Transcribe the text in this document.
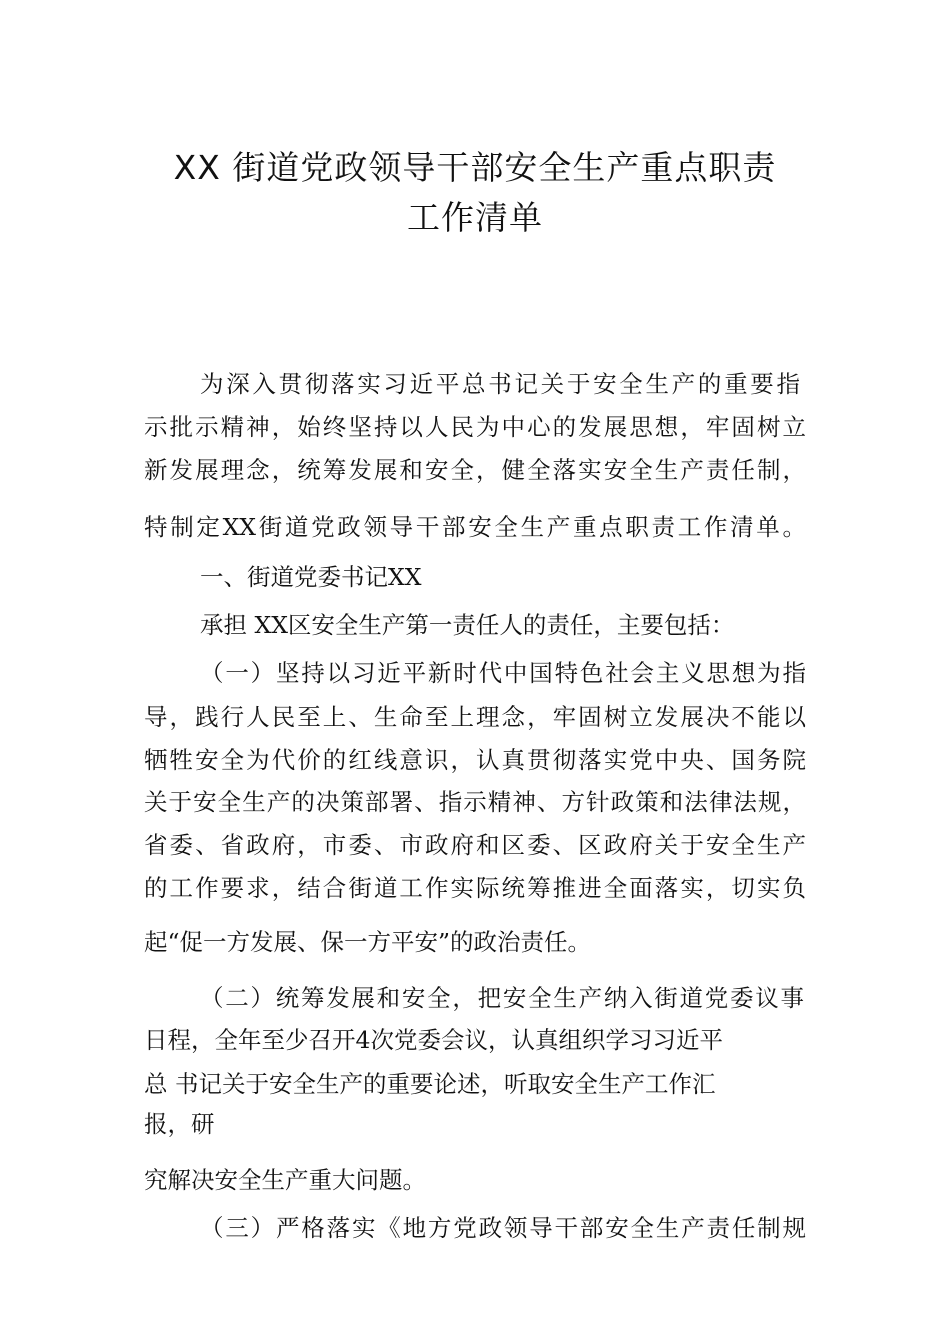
XX 街道党政领导干部安全生产重点职责
工作清单
为深入贯彻落实习近平总书记关于安全生产的重要指
示批示精神，始终坚持以人民为中心的发展思想，牢固树立
新发展理念，统筹发展和安全，健全落实安全生产责任制，
特制定XX街道党政领导干部安全生产重点职责工作清单。
一、街道党委书记XX
承担 XX区安全生产第一责任人的责任，主要包括：
（一）坚持以习近平新时代中国特色社会主义思想为指
导，践行人民至上、生命至上理念，牢固树立发展决不能以
牺牲安全为代价的红线意识，认真贯彻落实党中央、国务院
关于安全生产的决策部署、指示精神、方针政策和法律法规，
省委、省政府，市委、市政府和区委、区政府关于安全生产
的工作要求，结合街道工作实际统筹推进全面落实，切实负
起“促一方发展、保一方平安”的政治责任。
（二）统筹发展和安全，把安全生产纳入街道党委议事
日程，全年至少召开4次党委会议，认真组织学习习近平
总 书记关于安全生产的重要论述，听取安全生产工作汇
报，研
究解决安全生产重大问题。
（三）严格落实《地方党政领导干部安全生产责任制规
